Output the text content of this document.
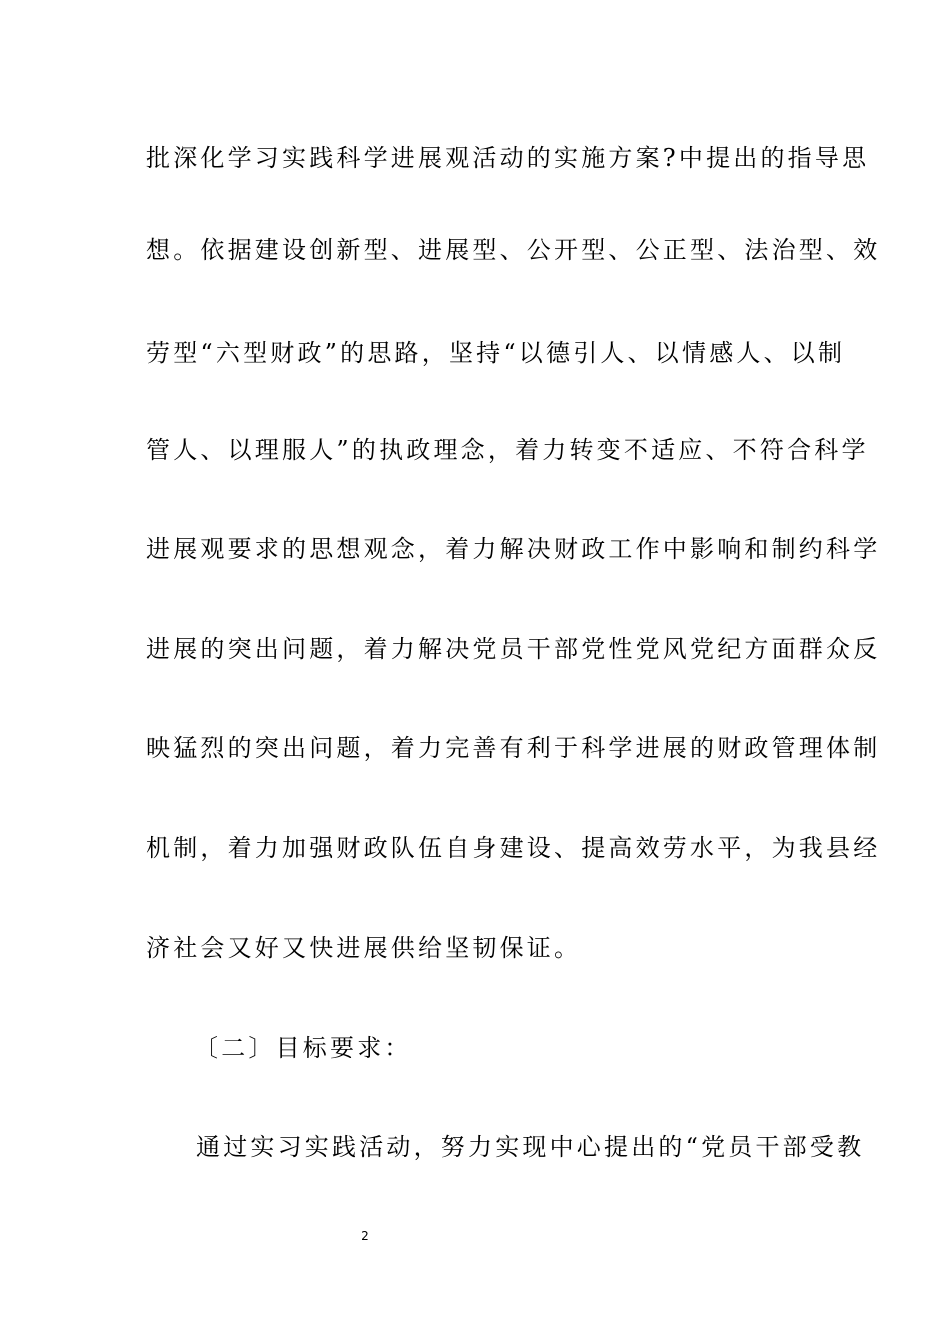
批深化学习实践科学进展观活动的实施方案?中提出的指导思
想。依据建设创新型、进展型、公开型、公正型、法治型、效
劳型“六型财政”的思路，坚持“以德引人、以情感人、以制
管人、以理服人”的执政理念，着力转变不适应、不符合科学
进展观要求的思想观念，着力解决财政工作中影响和制约科学
进展的突出问题，着力解决党员干部党性党风党纪方面群众反
映猛烈的突出问题，着力完善有利于科学进展的财政管理体制
机制，着力加强财政队伍自身建设、提高效劳水平，为我县经
济社会又好又快进展供给坚韧保证。
〔二〕目标要求：
通过实习实践活动，努力实现中心提出的“党员干部受教
2
